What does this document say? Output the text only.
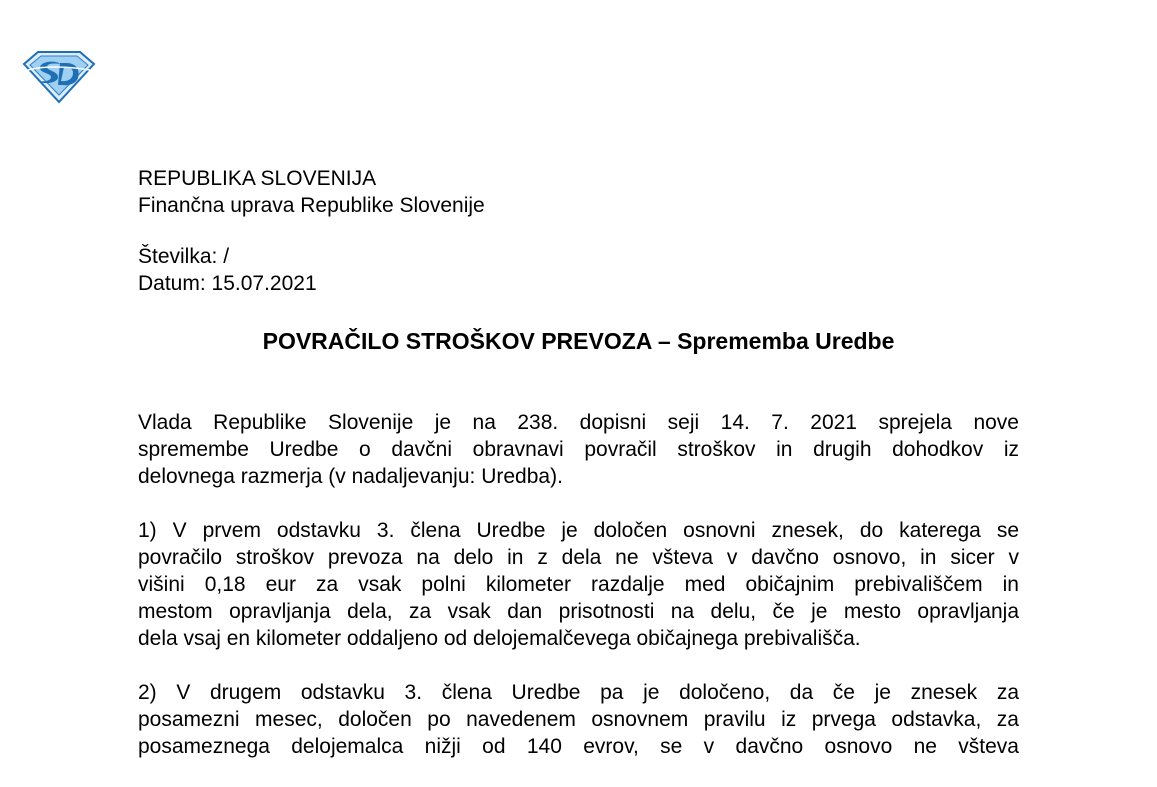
REPUBLIKA SLOVENIJA
Finančna uprava Republike Slovenije
Številka: /
Datum: 15.07.2021
POVRAČILO STROŠKOV PREVOZA – Sprememba Uredbe
Vlada Republike Slovenije je na 238. dopisni seji 14. 7. 2021 sprejela nove
spremembe Uredbe o davčni obravnavi povračil stroškov in drugih dohodkov iz
delovnega razmerja (v nadaljevanju: Uredba).
1) V prvem odstavku 3. člena Uredbe je določen osnovni znesek, do katerega se
povračilo stroškov prevoza na delo in z dela ne všteva v davčno osnovo, in sicer v
višini 0,18 eur za vsak polni kilometer razdalje med običajnim prebivališčem in
mestom opravljanja dela, za vsak dan prisotnosti na delu, če je mesto opravljanja
dela vsaj en kilometer oddaljeno od delojemalčevega običajnega prebivališča.
2) V drugem odstavku 3. člena Uredbe pa je določeno, da če je znesek za
posamezni mesec, določen po navedenem osnovnem pravilu iz prvega odstavka, za
posameznega delojemalca nižji od 140 evrov, se v davčno osnovo ne všteva
